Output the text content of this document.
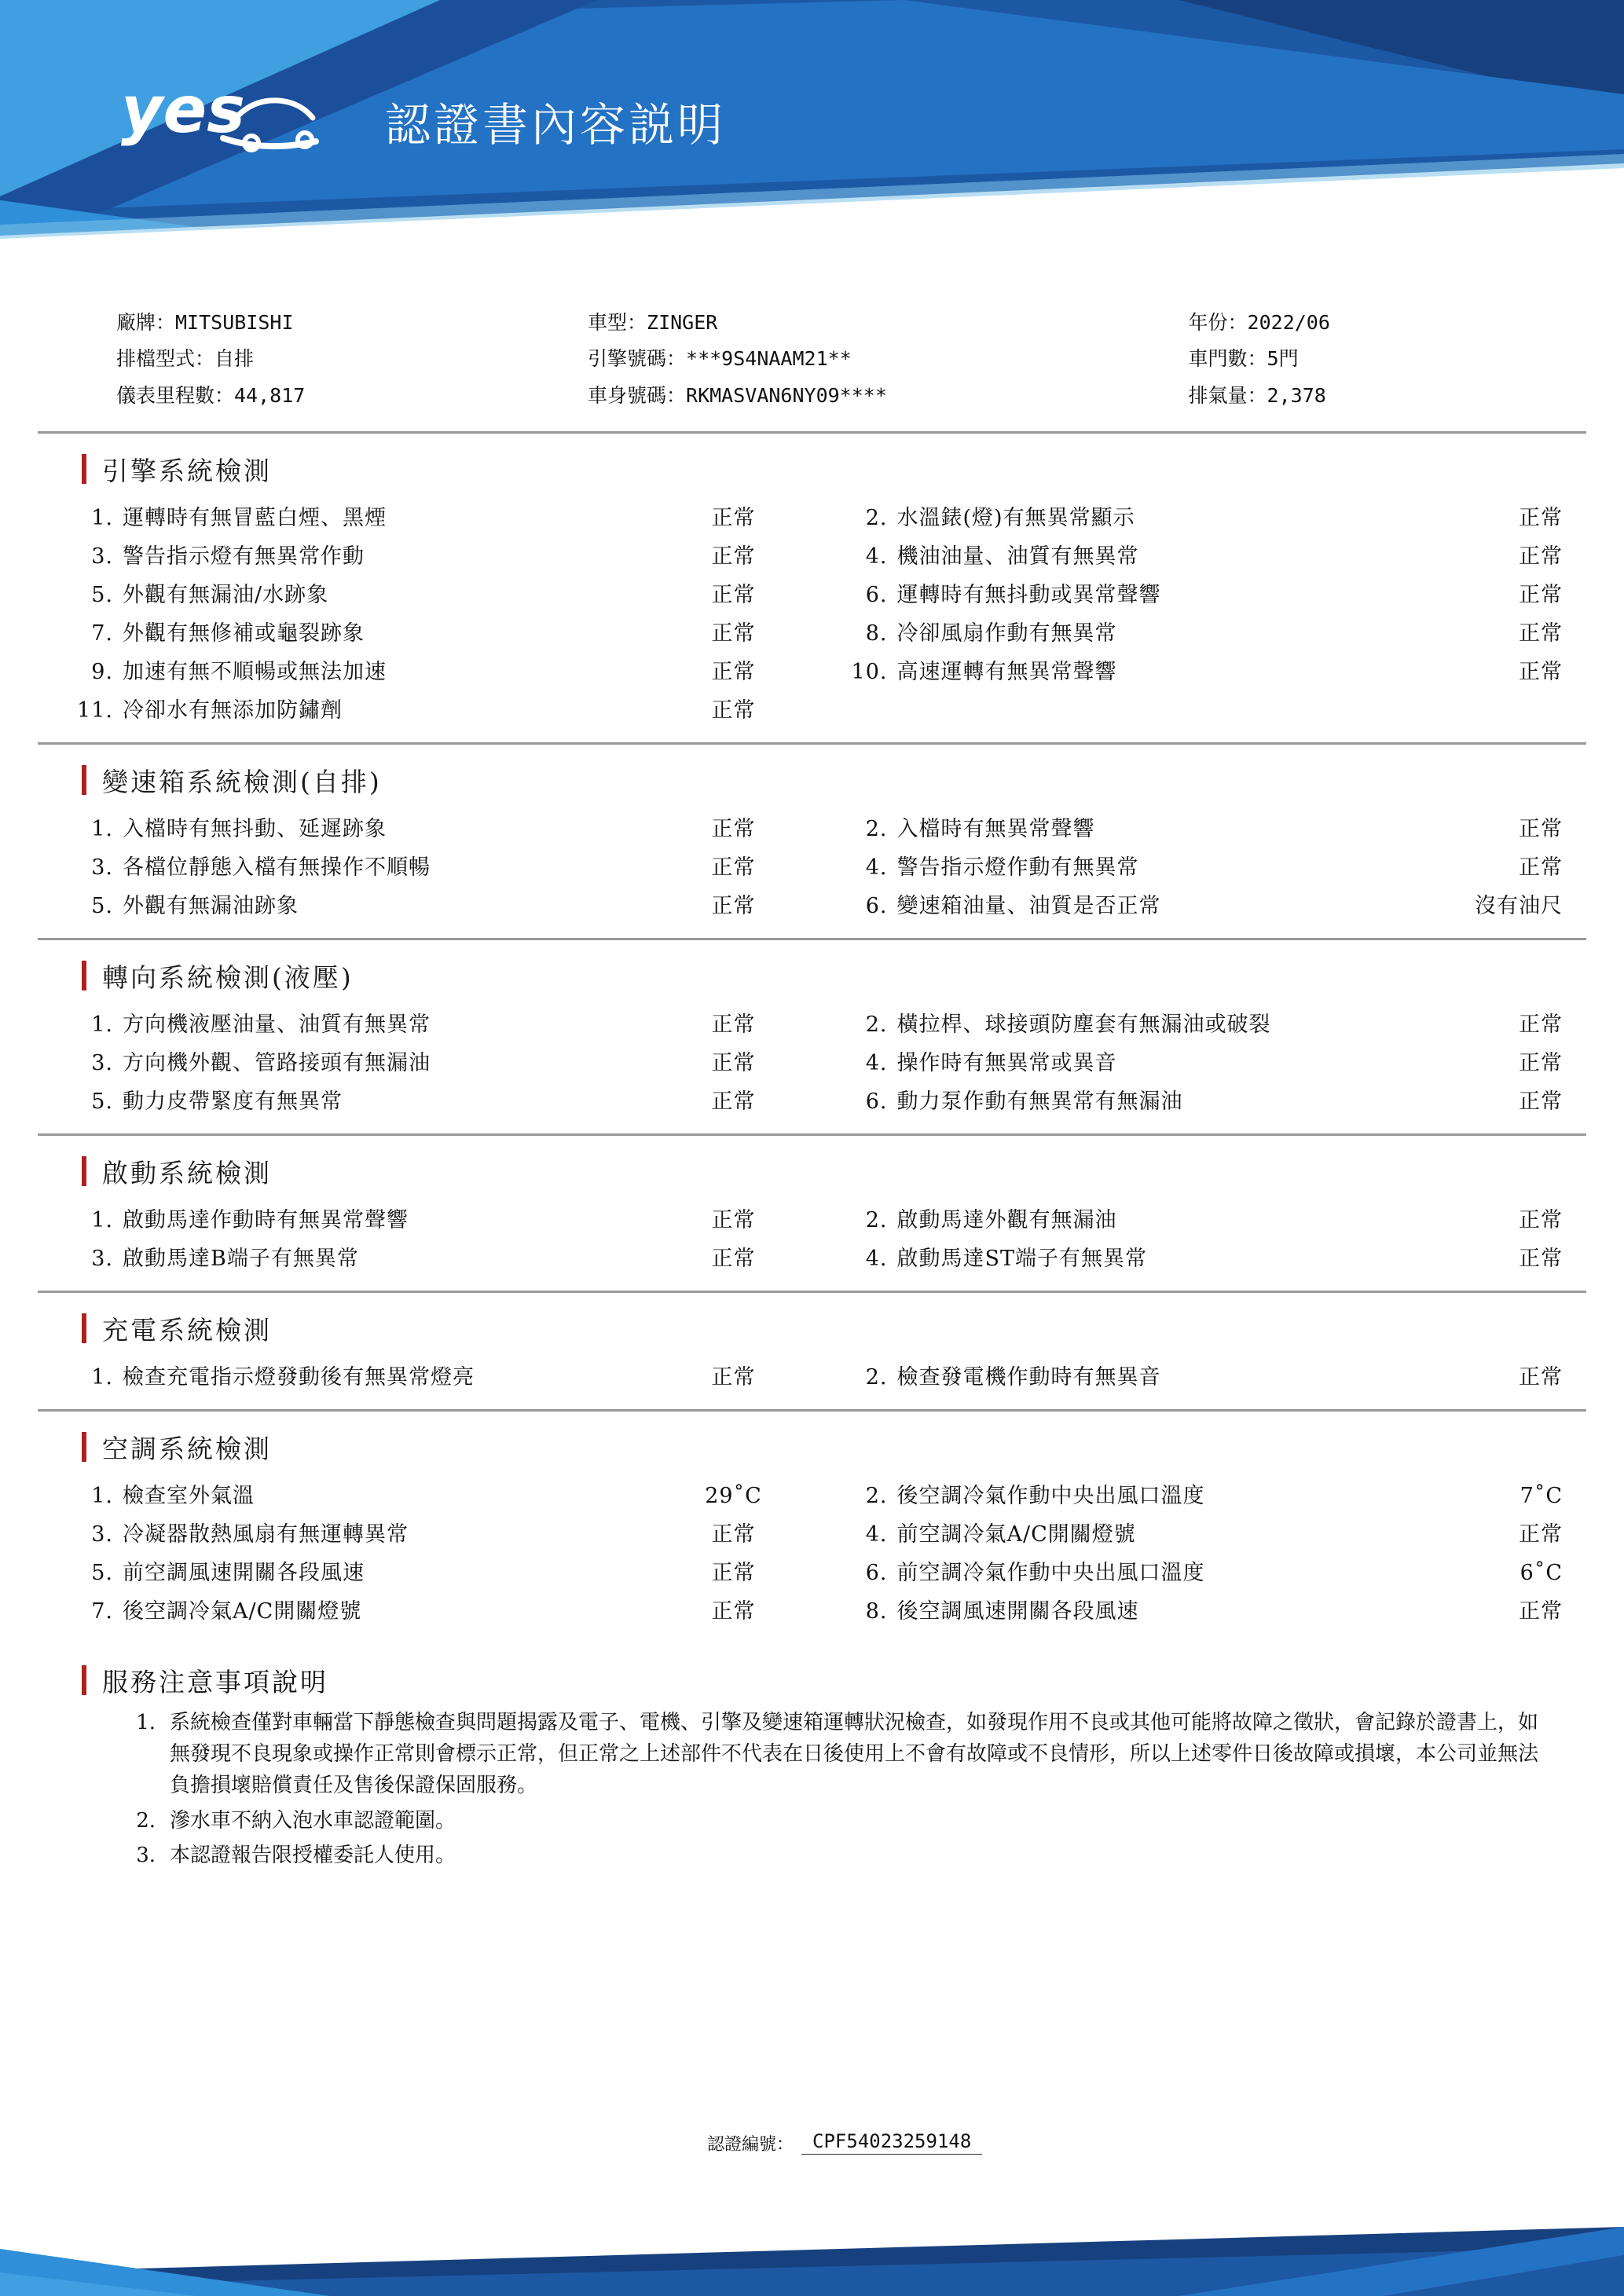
yes	認證書內容説明
廠牌：MITSUBISHI	車型：ZINGER	年份：2022/06
排檔型式：自排	引擎號碼：***9S4NAAM21**	車門數：5門
儀表里程數：44,817	車身號碼：RKMASVAN6NY09****	排氣量：2,378
引擎系統檢測
1. 運轉時有無冒藍白煙、黑煙	正常	2. 水溫錶(燈)有無異常顯示	正常
3. 警告指示燈有無異常作動	正常	4. 機油油量、油質有無異常	正常
5. 外觀有無漏油/水跡象	正常	6. 運轉時有無抖動或異常聲響	正常
7. 外觀有無修補或龜裂跡象	正常	8. 冷卻風扇作動有無異常	正常
9. 加速有無不順暢或無法加速	正常	10. 高速運轉有無異常聲響	正常
11. 冷卻水有無添加防鏽劑	正常
變速箱系統檢測(自排)
1. 入檔時有無抖動、延遲跡象	正常	2. 入檔時有無異常聲響	正常
3. 各檔位靜態入檔有無操作不順暢	正常	4. 警告指示燈作動有無異常	正常
5. 外觀有無漏油跡象	正常	6. 變速箱油量、油質是否正常	沒有油尺
轉向系統檢測(液壓)
1. 方向機液壓油量、油質有無異常	正常	2. 橫拉桿、球接頭防塵套有無漏油或破裂	正常
3. 方向機外觀、管路接頭有無漏油	正常	4. 操作時有無異常或異音	正常
5. 動力皮帶緊度有無異常	正常	6. 動力泵作動有無異常有無漏油	正常
啟動系統檢測
1. 啟動馬達作動時有無異常聲響	正常	2. 啟動馬達外觀有無漏油	正常
3. 啟動馬達B端子有無異常	正常	4. 啟動馬達ST端子有無異常	正常
充電系統檢測
1. 檢查充電指示燈發動後有無異常燈亮	正常	2. 檢查發電機作動時有無異音	正常
空調系統檢測
1. 檢查室外氣溫	29˚C	2. 後空調冷氣作動中央出風口溫度	7˚C
3. 冷凝器散熱風扇有無運轉異常	正常	4. 前空調冷氣A/C開關燈號	正常
5. 前空調風速開關各段風速	正常	6. 前空調冷氣作動中央出風口溫度	6˚C
7. 後空調冷氣A/C開關燈號	正常	8. 後空調風速開關各段風速	正常
服務注意事項說明
1. 系統檢查僅對車輛當下靜態檢查與問題揭露及電子、電機、引擎及變速箱運轉狀況檢查，如發現作用不良或其他可能將故障之徵狀，會記錄於證書上，如無發現不良現象或操作正常則會標示正常，但正常之上述部件不代表在日後使用上不會有故障或不良情形，所以上述零件日後故障或損壞，本公司並無法負擔損壞賠償責任及售後保證保固服務。
2. 滲水車不納入泡水車認證範圍。
3. 本認證報告限授權委託人使用。
認證編號：	CPF54023259148
